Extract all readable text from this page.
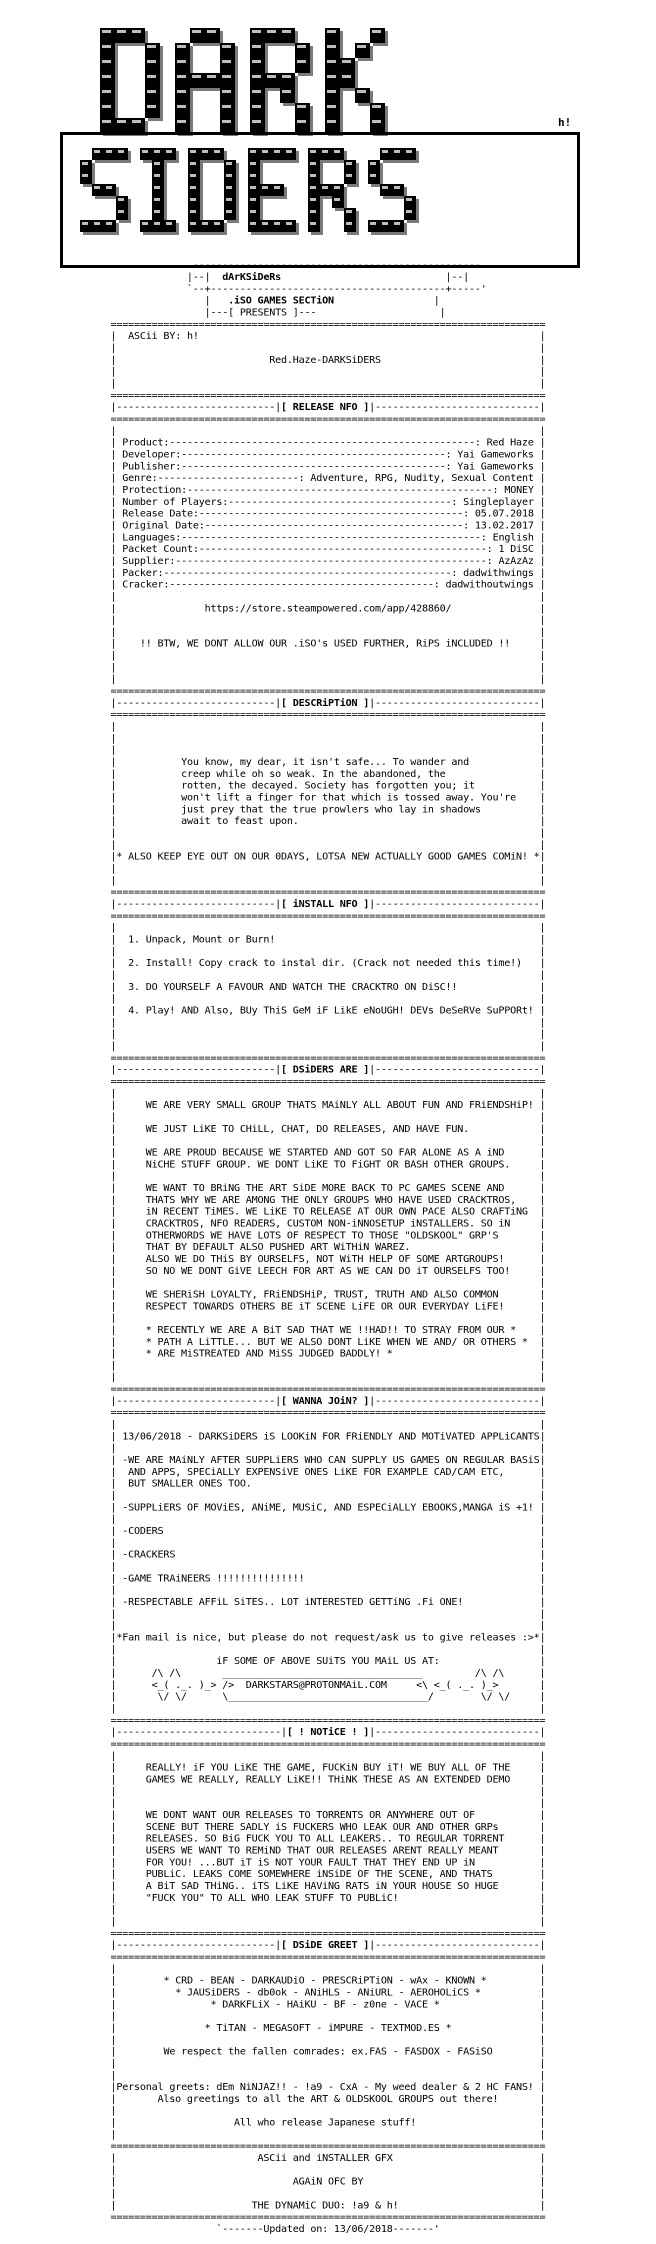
h!

.-------------------------------------------------.
|--|  dArKSiDeRs                            |--|
`--+----------------------------------------+-----'
|   .iSO GAMES SECTiON                 |
|---[ PRESENTS ]---                     |
==========================================================================
|  ASCii BY: h!                                                          |
|                                                                        |
|                          Red.Haze-DARKSiDERS                           |
|                                                                        |
|                                                                        |
==========================================================================
|---------------------------|[ RELEASE NFO ]|----------------------------|
==========================================================================
|                                                                        |
| Product:----------------------------------------------------: Red Haze |
| Developer:---------------------------------------------: Yai Gameworks |
| Publisher:---------------------------------------------: Yai Gameworks |
| Genre:------------------------: Adventure, RPG, Nudity, Sexual Content |
| Protection:----------------------------------------------------: MONEY |
| Number of Players:--------------------------------------: Singleplayer |
| Release Date:---------------------------------------------: 05.07.2018 |
| Original Date:--------------------------------------------: 13.02.2017 |
| Languages:---------------------------------------------------: English |
| Packet Count:-------------------------------------------------: 1 DiSC |
| Supplier:-----------------------------------------------------: AzAzAz |
| Packer:-------------------------------------------------: dadwithwings |
| Cracker:---------------------------------------------: dadwithoutwings |
|                                                                        |
|               https://store.steampowered.com/app/428860/               |
|                                                                        |
|                                                                        |
|    !! BTW, WE DONT ALLOW OUR .iSO's USED FURTHER, RiPS iNCLUDED !!     |
|                                                                        |
|                                                                        |
|                                                                        |
==========================================================================
|---------------------------|[ DESCRiPTiON ]|----------------------------|
==========================================================================
|                                                                        |
|                                                                        |
|                                                                        |
|           You know, my dear, it isn't safe... To wander and            |
|           creep while oh so weak. In the abandoned, the                |
|           rotten, the decayed. Society has forgotten you; it           |
|           won't lift a finger for that which is tossed away. You're    |
|           just prey that the true prowlers who lay in shadows          |
|           await to feast upon.                                         |
|                                                                        |
|                                                                        |
|* ALSO KEEP EYE OUT ON OUR 0DAYS, LOTSA NEW ACTUALLY GOOD GAMES COMiN! *|
|                                                                        |
|                                                                        |
==========================================================================
|---------------------------|[ iNSTALL NFO ]|----------------------------|
==========================================================================
|                                                                        |
|  1. Unpack, Mount or Burn!                                             |
|                                                                        |
|  2. Install! Copy crack to instal dir. (Crack not needed this time!)   |
|                                                                        |
|  3. DO YOURSELF A FAVOUR AND WATCH THE CRACKTRO ON DiSC!!              |
|                                                                        |
|  4. Play! AND Also, BUy ThiS GeM iF LikE eNoUGH! DEVs DeSeRVe SuPPORt! |
|                                                                        |
|                                                                        |
|                                                                        |
==========================================================================
|---------------------------|[ DSiDERS ARE ]|----------------------------|
==========================================================================
|                                                                        |
|     WE ARE VERY SMALL GROUP THATS MAiNLY ALL ABOUT FUN AND FRiENDSHiP! |
|                                                                        |
|     WE JUST LiKE TO CHiLL, CHAT, DO RELEASES, AND HAVE FUN.            |
|                                                                        |
|     WE ARE PROUD BECAUSE WE STARTED AND GOT SO FAR ALONE AS A iND      |
|     NiCHE STUFF GROUP. WE DONT LiKE TO FiGHT OR BASH OTHER GROUPS.     |
|                                                                        |
|     WE WANT TO BRiNG THE ART SiDE MORE BACK TO PC GAMES SCENE AND      |
|     THATS WHY WE ARE AMONG THE ONLY GROUPS WHO HAVE USED CRACKTROS,    |
|     iN RECENT TiMES. WE LiKE TO RELEASE AT OUR OWN PACE ALSO CRAFTiNG  |
|     CRACKTROS, NFO READERS, CUSTOM NON-iNNOSETUP iNSTALLERS. SO iN     |
|     OTHERWORDS WE HAVE LOTS OF RESPECT TO THOSE "OLDSKOOL" GRP'S       |
|     THAT BY DEFAULT ALSO PUSHED ART WiTHiN WAREZ.                      |
|     ALSO WE DO THiS BY OURSELFS, NOT WiTH HELP OF SOME ARTGROUPS!      |
|     SO NO WE DONT GiVE LEECH FOR ART AS WE CAN DO iT OURSELFS TOO!     |
|                                                                        |
|     WE SHERiSH LOYALTY, FRiENDSHiP, TRUST, TRUTH AND ALSO COMMON       |
|     RESPECT TOWARDS OTHERS BE iT SCENE LiFE OR OUR EVERYDAY LiFE!      |
|                                                                        |
|     * RECENTLY WE ARE A BiT SAD THAT WE !!HAD!! TO STRAY FROM OUR *    |
|     * PATH A LiTTLE... BUT WE ALSO DONT LiKE WHEN WE AND/ OR OTHERS *  |
|     * ARE MiSTREATED AND MiSS JUDGED BADDLY! *                         |
|                                                                        |
|                                                                        |
==========================================================================
|---------------------------|[ WANNA JOiN? ]|----------------------------|
==========================================================================
|                                                                        |
| 13/06/2018 - DARKSiDERS iS LOOKiN FOR FRiENDLY AND MOTiVATED APPLiCANTS|
|                                                                        |
| -WE ARE MAiNLY AFTER SUPPLiERS WHO CAN SUPPLY US GAMES ON REGULAR BASiS|
|  AND APPS, SPECiALLY EXPENSiVE ONES LiKE FOR EXAMPLE CAD/CAM ETC,      |
|  BUT SMALLER ONES TOO.                                                 |
|                                                                        |
| -SUPPLiERS OF MOViES, ANiME, MUSiC, AND ESPECiALLY EBOOKS,MANGA iS +1! |
|                                                                        |
| -CODERS                                                                |
|                                                                        |
| -CRACKERS                                                              |
|                                                                        |
| -GAME TRAiNEERS !!!!!!!!!!!!!!!                                        |
|                                                                        |
| -RESPECTABLE AFFiL SiTES.. LOT iNTERESTED GETTiNG .Fi ONE!             |
|                                                                        |
|                                                                        |
|*Fan mail is nice, but please do not request/ask us to give releases :>*|
|                                                                        |
|                 iF SOME OF ABOVE SUiTS YOU MAiL US AT:                 |
|      /\ /\       __________________________________         /\ /\      |
|      <_( ._. )_> />  DARKSTARS@PROTONMAiL.COM     <\ <_( ._. )_>       |
|       \/ \/      \__________________________________/        \/ \/     |
|                                                                        |
==========================================================================
|----------------------------|[ ! NOTiCE ! ]|----------------------------|
==========================================================================
|                                                                        |
|     REALLY! iF YOU LiKE THE GAME, FUCKiN BUY iT! WE BUY ALL OF THE     |
|     GAMES WE REALLY, REALLY LiKE!! THiNK THESE AS AN EXTENDED DEMO     |
|                                                                        |
|                                                                        |
|     WE DONT WANT OUR RELEASES TO TORRENTS OR ANYWHERE OUT OF           |
|     SCENE BUT THERE SADLY iS FUCKERS WHO LEAK OUR AND OTHER GRPs       |
|     RELEASES. SO BiG FUCK YOU TO ALL LEAKERS.. TO REGULAR TORRENT      |
|     USERS WE WANT TO REMiND THAT OUR RELEASES ARENT REALLY MEANT       |
|     FOR YOU! ...BUT iT iS NOT YOUR FAULT THAT THEY END UP iN           |
|     PUBLiC. LEAKS COME SOMEWHERE iNSiDE OF THE SCENE, AND THATS        |
|     A BiT SAD THiNG.. iTS LiKE HAViNG RATS iN YOUR HOUSE SO HUGE       |
|     "FUCK YOU" TO ALL WHO LEAK STUFF TO PUBLiC!                        |
|                                                                        |
|                                                                        |
==========================================================================
|---------------------------|[ DSiDE GREET ]|----------------------------|
==========================================================================
|                                                                        |
|        * CRD - BEAN - DARKAUDiO - PRESCRiPTiON - wAx - KNOWN *         |
|          * JAUSiDERS - db0ok - ANiHLS - ANiURL - AEROHOLiCS *          |
|                * DARKFLiX - HAiKU - BF - z0ne - VACE *                 |
|                                                                        |
|               * TiTAN - MEGASOFT - iMPURE - TEXTMOD.ES *               |
|                                                                        |
|        We respect the fallen comrades: ex.FAS - FASDOX - FASiSO        |
|                                                                        |
|                                                                        |
|Personal greets: dEm NiNJAZ!! - !a9 - CxA - My weed dealer & 2 HC FANS! |
|       Also greetings to all the ART & OLDSKOOL GROUPS out there!       |
|                                                                        |
|                    All who release Japanese stuff!                     |
|                                                                        |
==========================================================================
|                        ASCii and iNSTALLER GFX                         |
|                                                                        |
|                              AGAiN OFC BY                              |
|                                                                        |
|                       THE DYNAMiC DUO: !a9 & h!                        |
==========================================================================
`-------Updated on: 13/06/2018-------'
